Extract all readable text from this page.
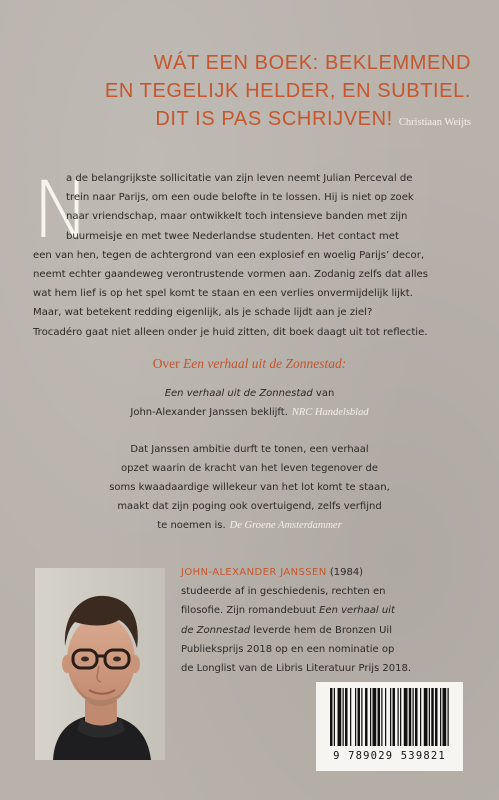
WÁT EEN BOEK: BEKLEMMEND
EN TEGELIJK HELDER, EN SUBTIEL.
DIT IS PAS SCHRIJVEN! Christiaan Weijts
N
a de belangrijkste sollicitatie van zijn leven neemt Julian Perceval de
trein naar Parijs, om een oude belofte in te lossen. Hij is niet op zoek
naar vriendschap, maar ontwikkelt toch intensieve banden met zijn
buurmeisje en met twee Nederlandse studenten. Het contact met
een van hen, tegen de achtergrond van een explosief en woelig Parijs’ decor,
neemt echter gaandeweg verontrustende vormen aan. Zodanig zelfs dat alles
wat hem lief is op het spel komt te staan en een verlies onvermijdelijk lijkt.
Maar, wat betekent redding eigenlijk, als je schade lijdt aan je ziel?
Trocadéro gaat niet alleen onder je huid zitten, dit boek daagt uit tot reflectie.
Over Een verhaal uit de Zonnestad:
Een verhaal uit de Zonnestad van
John-Alexander Janssen beklijft. NRC Handelsblad
Dat Janssen ambitie durft te tonen, een verhaal
opzet waarin de kracht van het leven tegenover de
soms kwaadaardige willekeur van het lot komt te staan,
maakt dat zijn poging ook overtuigend, zelfs verfijnd
te noemen is. De Groene Amsterdammer
JOHN-ALEXANDER JANSSEN (1984)
studeerde af in geschiedenis, rechten en
filosofie. Zijn romandebuut Een verhaal uit
de Zonnestad leverde hem de Bronzen Uil
Publieksprijs 2018 op en een nominatie op
de Longlist van de Libris Literatuur Prijs 2018.
9 789029 539821
